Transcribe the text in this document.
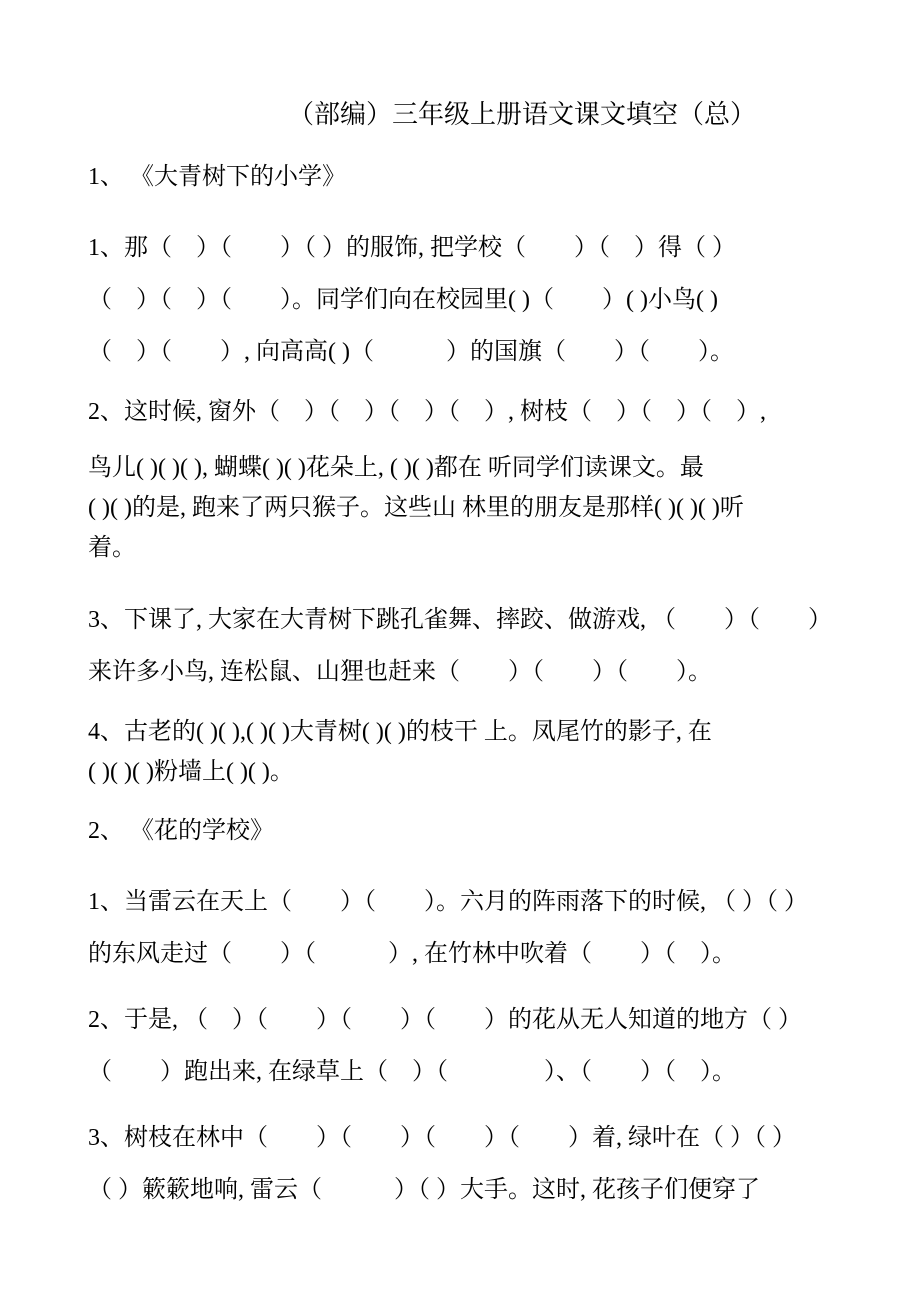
（部编）三年级上册语文课文填空（总）
1、 《大青树下的小学》
1、那（　）（　　）（ ）的服饰, 把学校（　　）（　）得（ ）
（　）（　）（　　）。同学们向在校园里( )（　　）( )小鸟( )
（　）（　　）, 向高高( )（　　　）的国旗（　　）（　　）。
2、这时候, 窗外（　）（　）（　）（　）, 树枝（　）（　）（　）,
鸟儿( )( )( ), 蝴蝶( )( )花朵上, ( )( )都在 听同学们读课文。最
( )( )的是, 跑来了两只猴子。这些山 林里的朋友是那样( )( )( )听
着。
3、下课了, 大家在大青树下跳孔雀舞、摔跤、做游戏, （　　）（　　）
来许多小鸟, 连松鼠、山狸也赶来（　　）（　　）（　　）。
4、古老的( )( ),( )( )大青树( )( )的枝干 上。凤尾竹的影子, 在
( )( )( )粉墙上( )( )。
2、 《花的学校》
1、当雷云在天上（　　）（　　）。六月的阵雨落下的时候, （ ）（ ）
的东风走过（　　）（　　　）, 在竹林中吹着（　　）（　）。
2、于是, （　）（　　）（　　）（　　）的花从无人知道的地方（ ）
（　　）跑出来, 在绿草上（　）（　　　　）、（　　）（　）。
3、树枝在林中（　　）（　　）（　　）（　　）着, 绿叶在（ ）（ ）
（ ）簌簌地响, 雷云（　　　）（ ）大手。这时, 花孩子们便穿了
